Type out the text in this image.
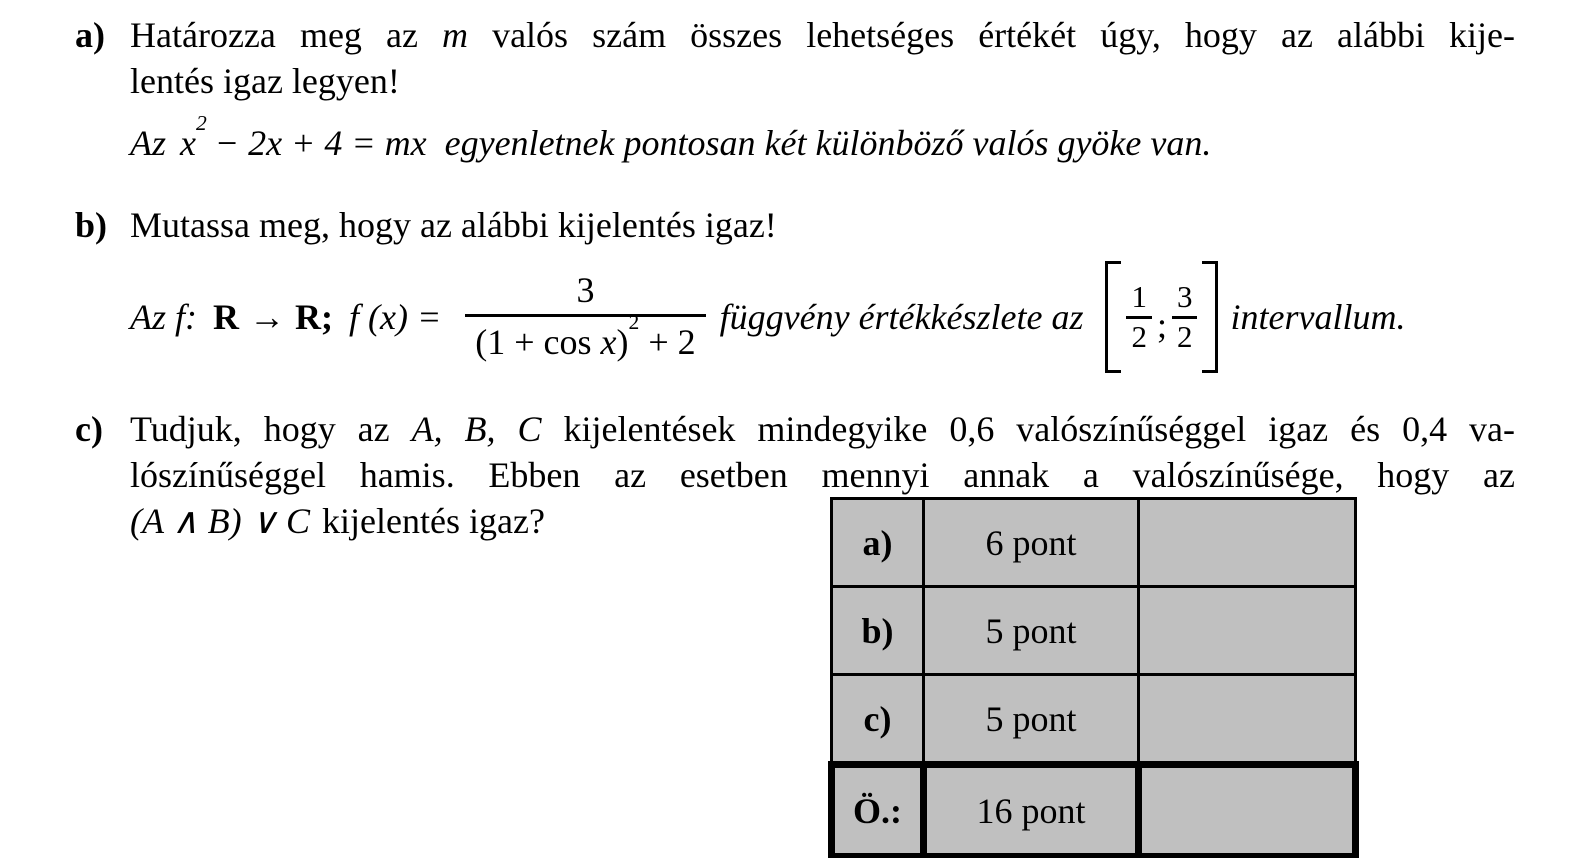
a) Határozza meg az m valós szám összes lehetséges értékét úgy, hogy az alábbi kije-
lentés igaz legyen!
Az $x^2 - 2x + 4$ = mx egyenletnek pontosan két különböző valós gyöke van.
b) Mutassa meg, hogy az alábbi kijelentés igaz!
Az f: R → R ; f $(x) = \frac{3}{(1 + \cos x)^2 + 2}$ függvény értékkészlete az $\frac{1}{2}$ ; $\frac{3}{2}$ intervallum.
c) Tudjuk, hogy az A, B, C kijelentések mindegyike 0,6 valószínűséggel igaz és 0,4 va-
lószínűséggel hamis. Ebben az esetben mennyi annak a valószínűsége, hogy az
(A ∧ B) ∨ C kijelentés igaz?
a)	6 pont	
b)	5 pont	
c)	5 pont	
Ö.:	16 pont	
